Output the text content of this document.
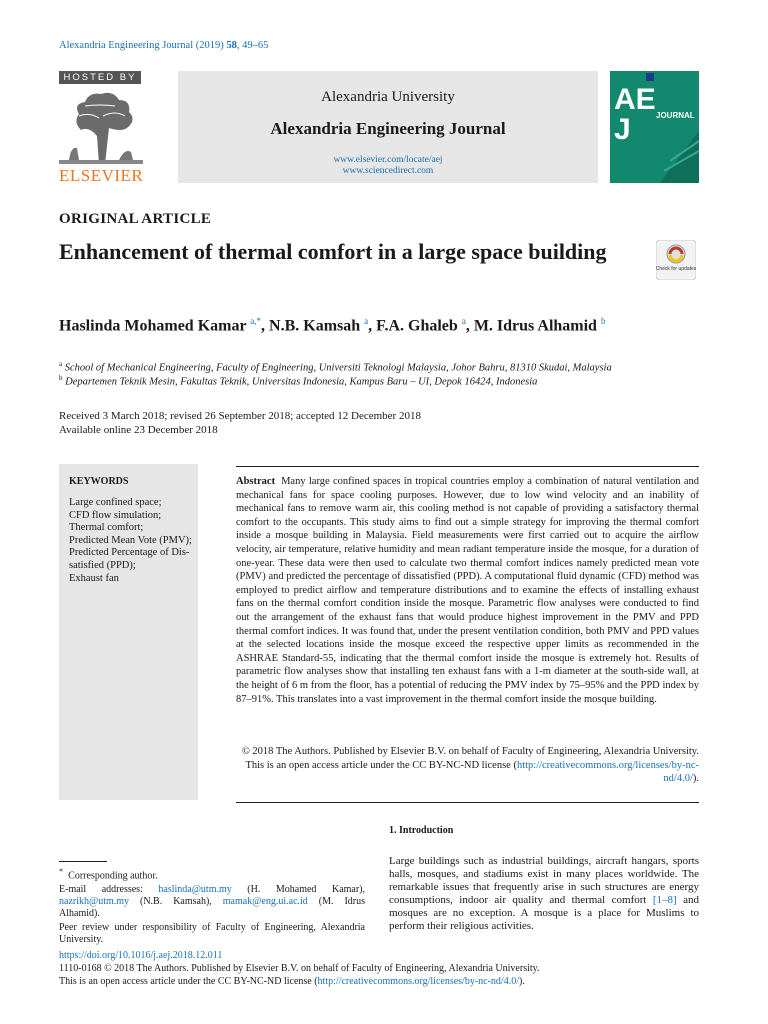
Alexandria Engineering Journal (2019) 58, 49–65
HOSTED BY
ELSEVIER
Alexandria University
Alexandria Engineering Journal
www.elsevier.com/locate/aej
www.sciencedirect.com
AE
J	JOURNAL
ORIGINAL ARTICLE
Enhancement of thermal comfort in a large space building
Check for updates
Haslinda Mohamed Kamar $^{a,*}$, N.B. Kamsah $^a$, F.A. Ghaleb $^a$, M. Idrus Alhamid $^b$
$^a$ School of Mechanical Engineering, Faculty of Engineering, Universiti Teknologi Malaysia, Johor Bahru, 81310 Skudai, Malaysia
$^b$ Departemen Teknik Mesin, Fakultas Teknik, Universitas Indonesia, Kampus Baru – UI, Depok 16424, Indonesia
Received 3 March 2018; revised 26 September 2018; accepted 12 December 2018
Available online 23 December 2018
KEYWORDS
Large confined space;
CFD flow simulation;
Thermal comfort;
Predicted Mean Vote (PMV);
Predicted Percentage of Dis-
satisfied (PPD);
Exhaust fan
Abstract Many large confined spaces in tropical countries employ a combination of natural ventilation and mechanical fans for space cooling purposes. However, due to low wind velocity and an inability of mechanical fans to remove warm air, this cooling method is not capable of providing a satisfactory thermal comfort to the occupants. This study aims to find out a simple strategy for improving the thermal comfort inside a mosque building in Malaysia. Field measurements were first carried out to acquire the airflow velocity, air temperature, relative humidity and mean radiant temperature inside the mosque, for a duration of one-year. These data were then used to calculate two thermal comfort indices namely predicted mean vote (PMV) and predicted the percentage of dissatisfied (PPD). A computational fluid dynamic (CFD) method was employed to predict airflow and temperature distributions and to examine the effects of installing exhaust fans on the thermal comfort condition inside the mosque. Parametric flow analyses were conducted to find out the arrangement of the exhaust fans that would produce highest improvement in the PMV and PPD thermal comfort indices. It was found that, under the present ventilation condition, both PMV and PPD values at the selected locations inside the mosque exceed the respective upper limits as recommended in the ASHRAE Standard-55, indicating that the thermal comfort inside the mosque is extremely hot. Results of parametric flow analyses show that installing ten exhaust fans with a 1-m diameter at the south-side wall, at the height of 6 m from the floor, has a potential of reducing the PMV index by 75–95% and the PPD index by 87–91%. This translates into a vast improvement in the thermal comfort inside the mosque building.
© 2018 The Authors. Published by Elsevier B.V. on behalf of Faculty of Engineering, Alexandria University. This is an open access article under the CC BY-NC-ND license (http://creativecommons.org/licenses/by-nc-nd/4.0/).
1. Introduction
Large buildings such as industrial buildings, aircraft hangars, sports halls, mosques, and stadiums exist in many places worldwide. The remarkable issues that frequently arise in such structures are energy consumptions, indoor air quality and thermal comfort [1–8] and mosques are no exception. A mosque is a place for Muslims to perform their religious activities.

* Corresponding author.

E-mail addresses: haslinda@utm.my (H. Mohamed Kamar), nazrikh@utm.my (N.B. Kamsah), mamak@eng.ui.ac.id (M. Idrus Alhamid).

Peer review under responsibility of Faculty of Engineering, Alexandria University.

https://doi.org/10.1016/j.aej.2018.12.011
1110-0168 © 2018 The Authors. Published by Elsevier B.V. on behalf of Faculty of Engineering, Alexandria University.
This is an open access article under the CC BY-NC-ND license (http://creativecommons.org/licenses/by-nc-nd/4.0/).
